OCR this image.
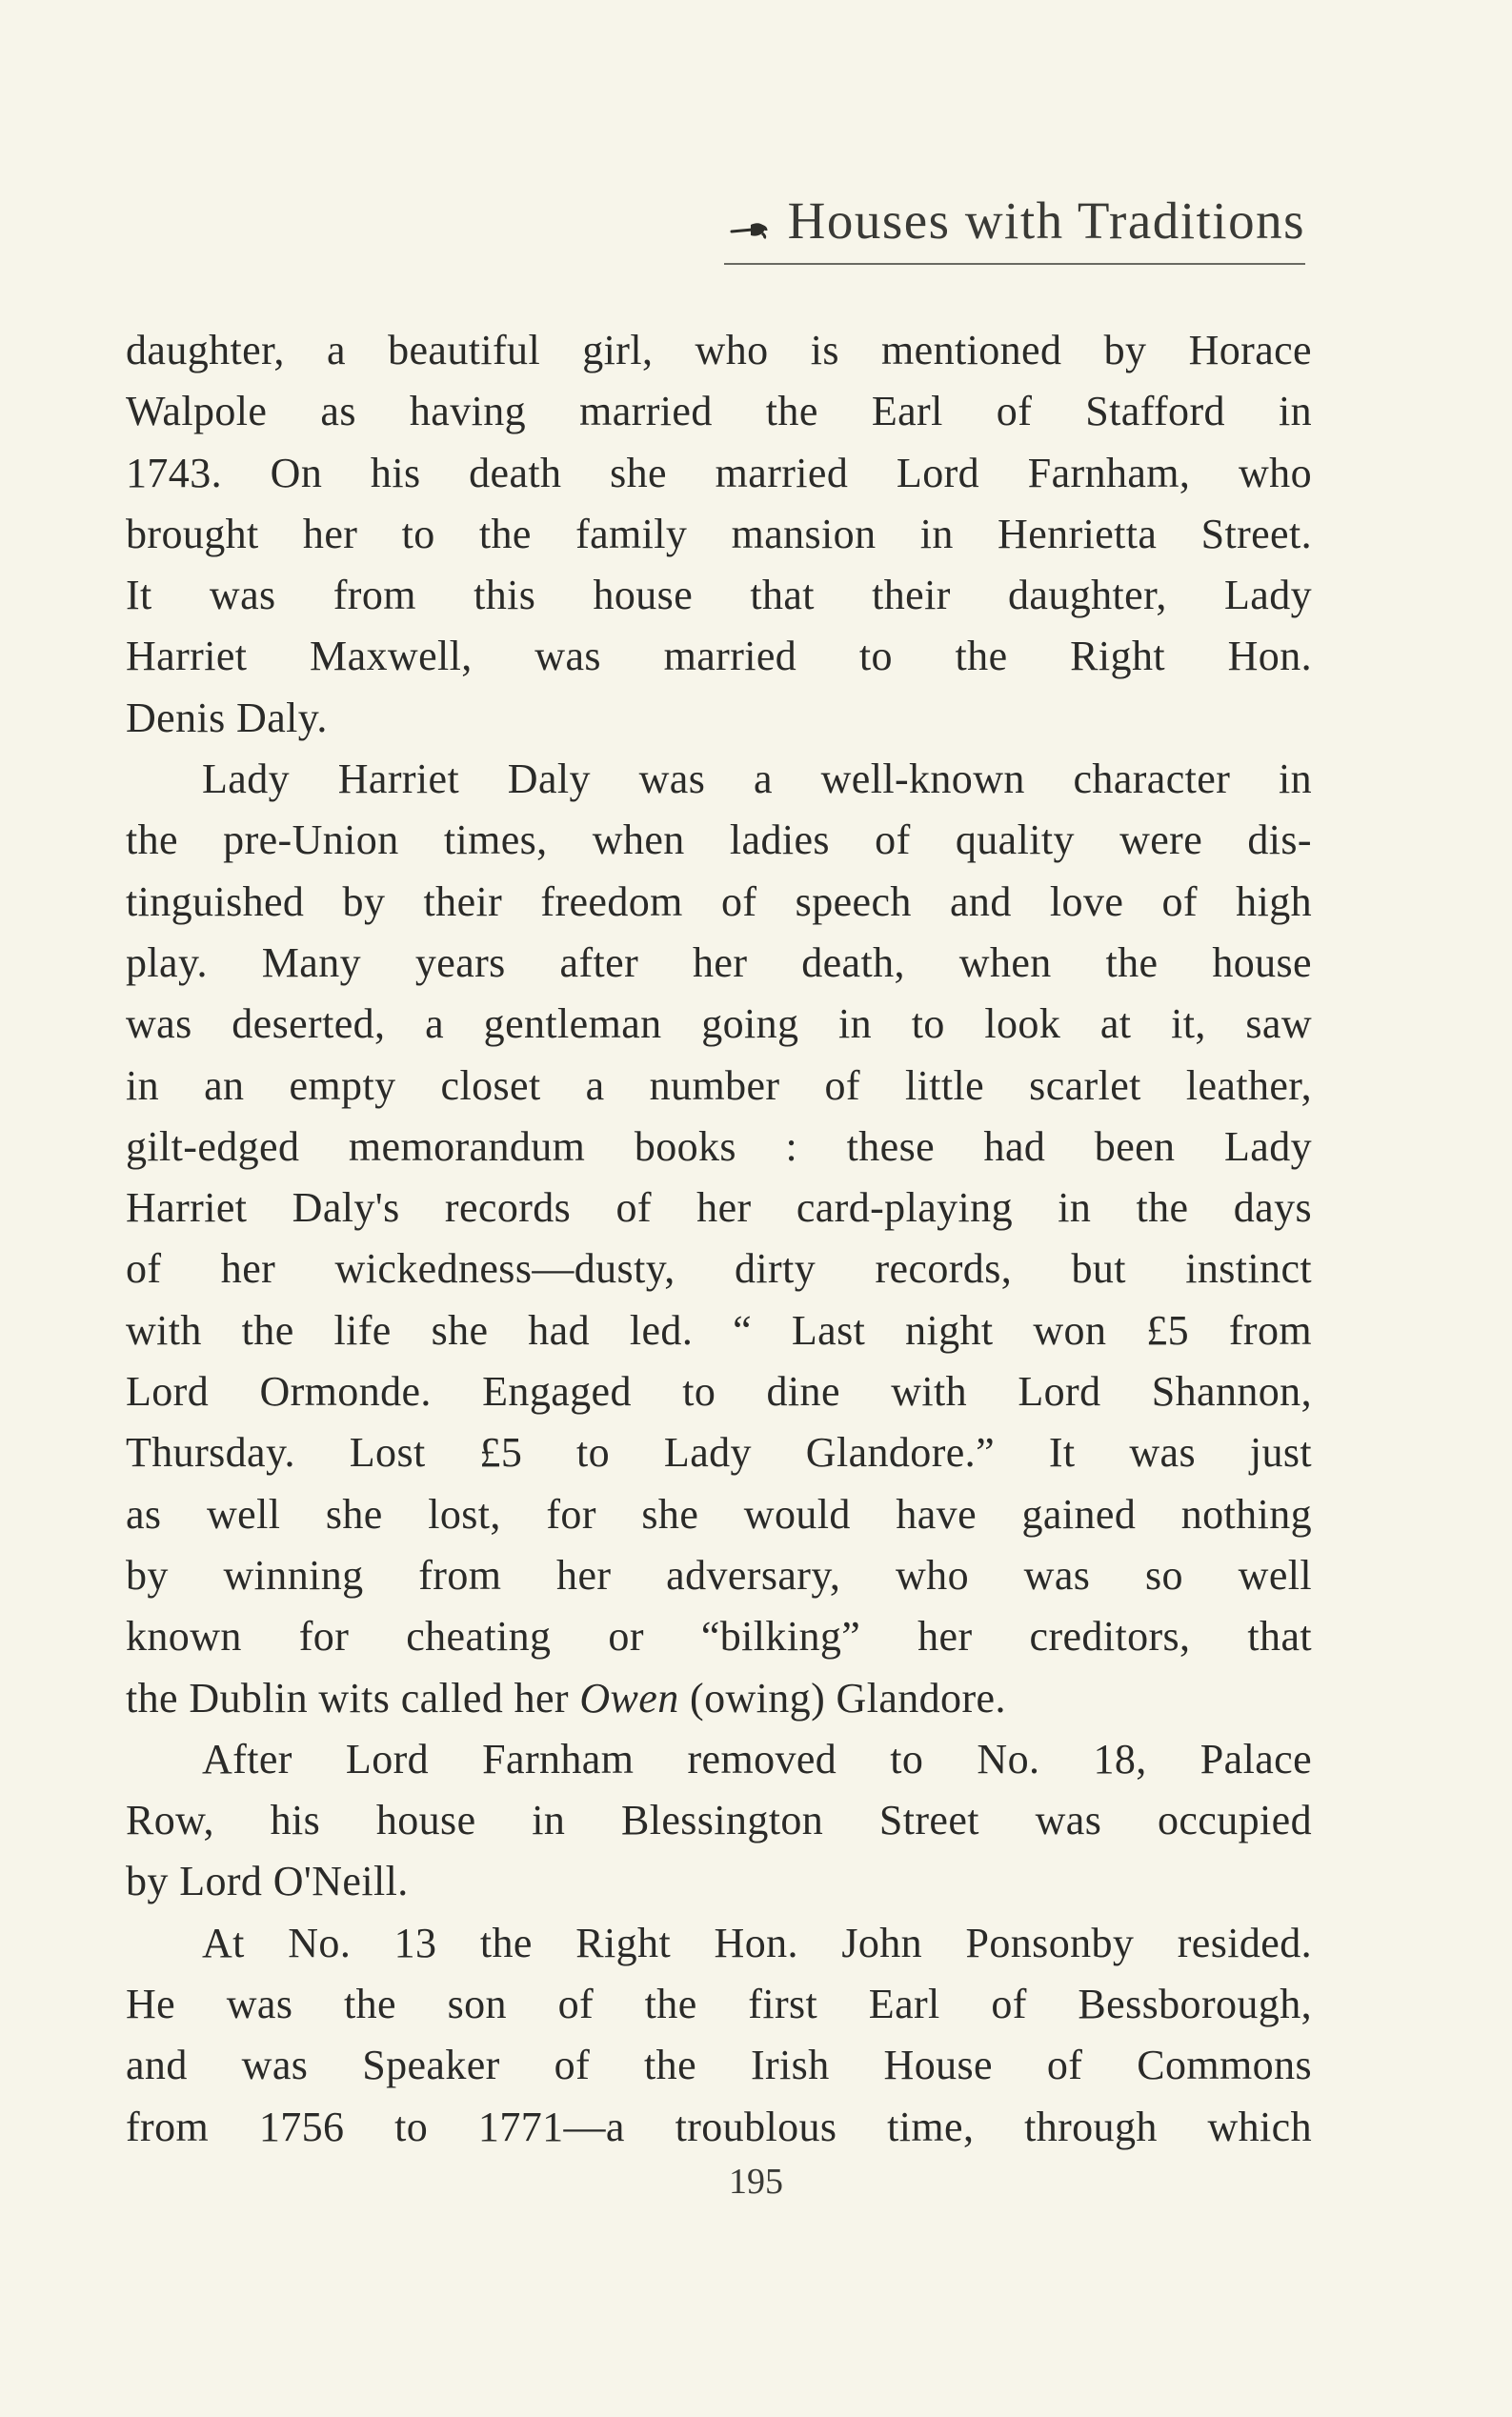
Houses with Traditions
daughter, a beautiful girl, who is mentioned by Horace
Walpole as having married the Earl of Stafford in
1743. On his death she married Lord Farnham, who
brought her to the family mansion in Henrietta Street.
It was from this house that their daughter, Lady
Harriet Maxwell, was married to the Right Hon.
Denis Daly.
Lady Harriet Daly was a well-known character in
the pre-Union times, when ladies of quality were dis-
tinguished by their freedom of speech and love of high
play. Many years after her death, when the house
was deserted, a gentleman going in to look at it, saw
in an empty closet a number of little scarlet leather,
gilt-edged memorandum books : these had been Lady
Harriet Daly's records of her card-playing in the days
of her wickedness—dusty, dirty records, but instinct
with the life she had led. “ Last night won £5 from
Lord Ormonde. Engaged to dine with Lord Shannon,
Thursday. Lost £5 to Lady Glandore.” It was just
as well she lost, for she would have gained nothing
by winning from her adversary, who was so well
known for cheating or “bilking” her creditors, that
the Dublin wits called her Owen (owing) Glandore.
After Lord Farnham removed to No. 18, Palace
Row, his house in Blessington Street was occupied
by Lord O'Neill.
At No. 13 the Right Hon. John Ponsonby resided.
He was the son of the first Earl of Bessborough,
and was Speaker of the Irish House of Commons
from 1756 to 1771—a troublous time, through which
195
